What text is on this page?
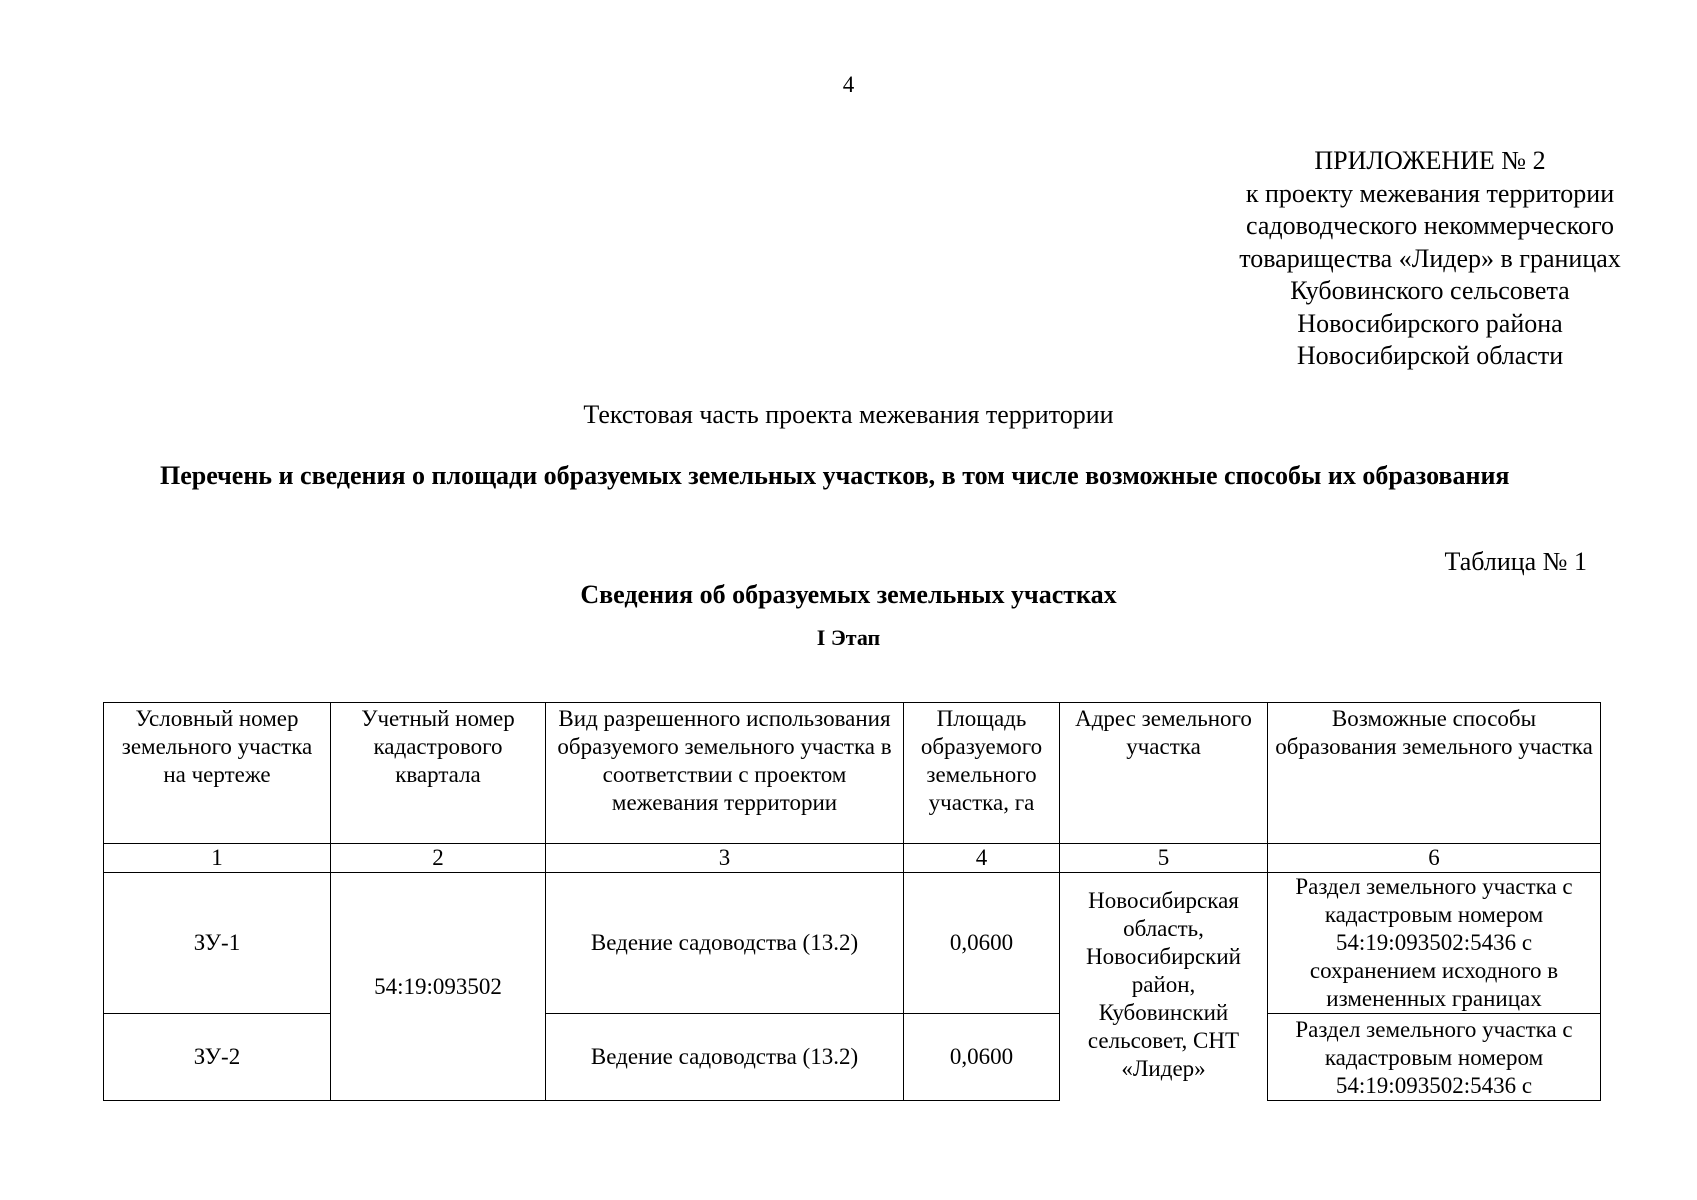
4
ПРИЛОЖЕНИЕ № 2
к проекту межевания территории
садоводческого некоммерческого
товарищества «Лидер» в границах
Кубовинского сельсовета
Новосибирского района
Новосибирской области
Текстовая часть проекта межевания территории
Перечень и сведения о площади образуемых земельных участков, в том числе возможные способы их образования
Таблица № 1
Сведения об образуемых земельных участках
I Этап
Условный номер земельного участка на чертеже	Учетный номер кадастрового квартала	Вид разрешенного использования образуемого земельного участка в соответствии с проектом межевания территории	Площадь образуемого земельного участка, га	Адрес земельного участка	Возможные способы образования земельного участка
1	2	3	4	5	6
ЗУ-1	54:19:093502	Ведение садоводства (13.2)	0,0600	Новосибирская область, Новосибирский район, Кубовинский сельсовет, СНТ «Лидер»	Раздел земельного участка с кадастровым номером 54:19:093502:5436 с сохранением исходного в измененных границах
ЗУ-2		Ведение садоводства (13.2)	0,0600		Раздел земельного участка с кадастровым номером 54:19:093502:5436 с
